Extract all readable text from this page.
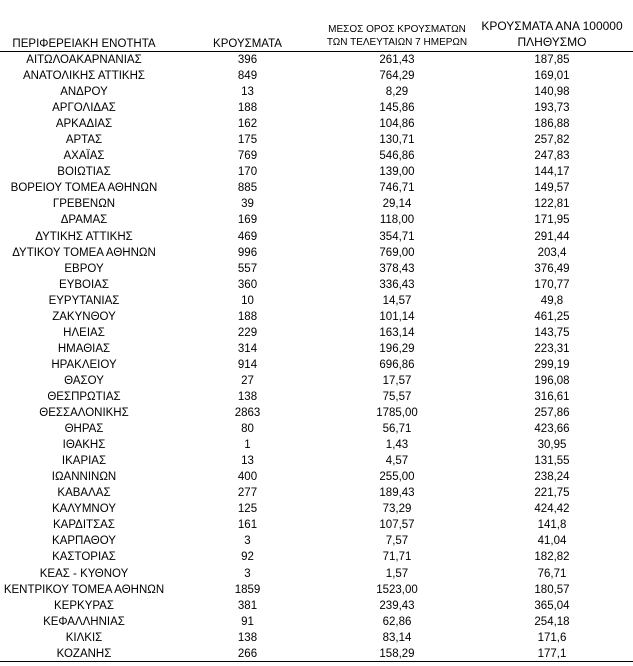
ΠΕΡΙΦΕΡΕΙΑΚΗ ΕΝΟΤΗΤΑ	ΚΡΟΥΣΜΑΤΑ
ΜΕΣΟΣ ΟΡΟΣ ΚΡΟΥΣΜΑΤΩΝ
ΤΩΝ ΤΕΛΕΥΤΑΙΩΝ 7 ΗΜΕΡΩΝ
ΚΡΟΥΣΜΑΤΑ ΑΝΑ 100000
ΠΛΗΘΥΣΜΟ
ΑΙΤΩΛΟΑΚΑΡΝΑΝΙΑΣ	396	261,43	187,85
ΑΝΑΤΟΛΙΚΗΣ ΑΤΤΙΚΗΣ	849	764,29	169,01
ΑΝΔΡΟΥ	13	8,29	140,98
ΑΡΓΟΛΙΔΑΣ	188	145,86	193,73
ΑΡΚΑΔΙΑΣ	162	104,86	186,88
ΑΡΤΑΣ	175	130,71	257,82
ΑΧΑΪΑΣ	769	546,86	247,83
ΒΟΙΩΤΙΑΣ	170	139,00	144,17
ΒΟΡΕΙΟΥ ΤΟΜΕΑ ΑΘΗΝΩΝ	885	746,71	149,57
ΓΡΕΒΕΝΩΝ	39	29,14	122,81
ΔΡΑΜΑΣ	169	118,00	171,95
ΔΥΤΙΚΗΣ ΑΤΤΙΚΗΣ	469	354,71	291,44
ΔΥΤΙΚΟΥ ΤΟΜΕΑ ΑΘΗΝΩΝ	996	769,00	203,4
ΕΒΡΟΥ	557	378,43	376,49
ΕΥΒΟΙΑΣ	360	336,43	170,77
ΕΥΡΥΤΑΝΙΑΣ	10	14,57	49,8
ΖΑΚΥΝΘΟΥ	188	101,14	461,25
ΗΛΕΙΑΣ	229	163,14	143,75
ΗΜΑΘΙΑΣ	314	196,29	223,31
ΗΡΑΚΛΕΙΟΥ	914	696,86	299,19
ΘΑΣΟΥ	27	17,57	196,08
ΘΕΣΠΡΩΤΙΑΣ	138	75,57	316,61
ΘΕΣΣΑΛΟΝΙΚΗΣ	2863	1785,00	257,86
ΘΗΡΑΣ	80	56,71	423,66
ΙΘΑΚΗΣ	1	1,43	30,95
ΙΚΑΡΙΑΣ	13	4,57	131,55
ΙΩΑΝΝΙΝΩΝ	400	255,00	238,24
ΚΑΒΑΛΑΣ	277	189,43	221,75
ΚΑΛΥΜΝΟΥ	125	73,29	424,42
ΚΑΡΔΙΤΣΑΣ	161	107,57	141,8
ΚΑΡΠΑΘΟΥ	3	7,57	41,04
ΚΑΣΤΟΡΙΑΣ	92	71,71	182,82
ΚΕΑΣ - ΚΥΘΝΟΥ	3	1,57	76,71
ΚΕΝΤΡΙΚΟΥ ΤΟΜΕΑ ΑΘΗΝΩΝ	1859	1523,00	180,57
ΚΕΡΚΥΡΑΣ	381	239,43	365,04
ΚΕΦΑΛΛΗΝΙΑΣ	91	62,86	254,18
ΚΙΛΚΙΣ	138	83,14	171,6
ΚΟΖΑΝΗΣ	266	158,29	177,1
